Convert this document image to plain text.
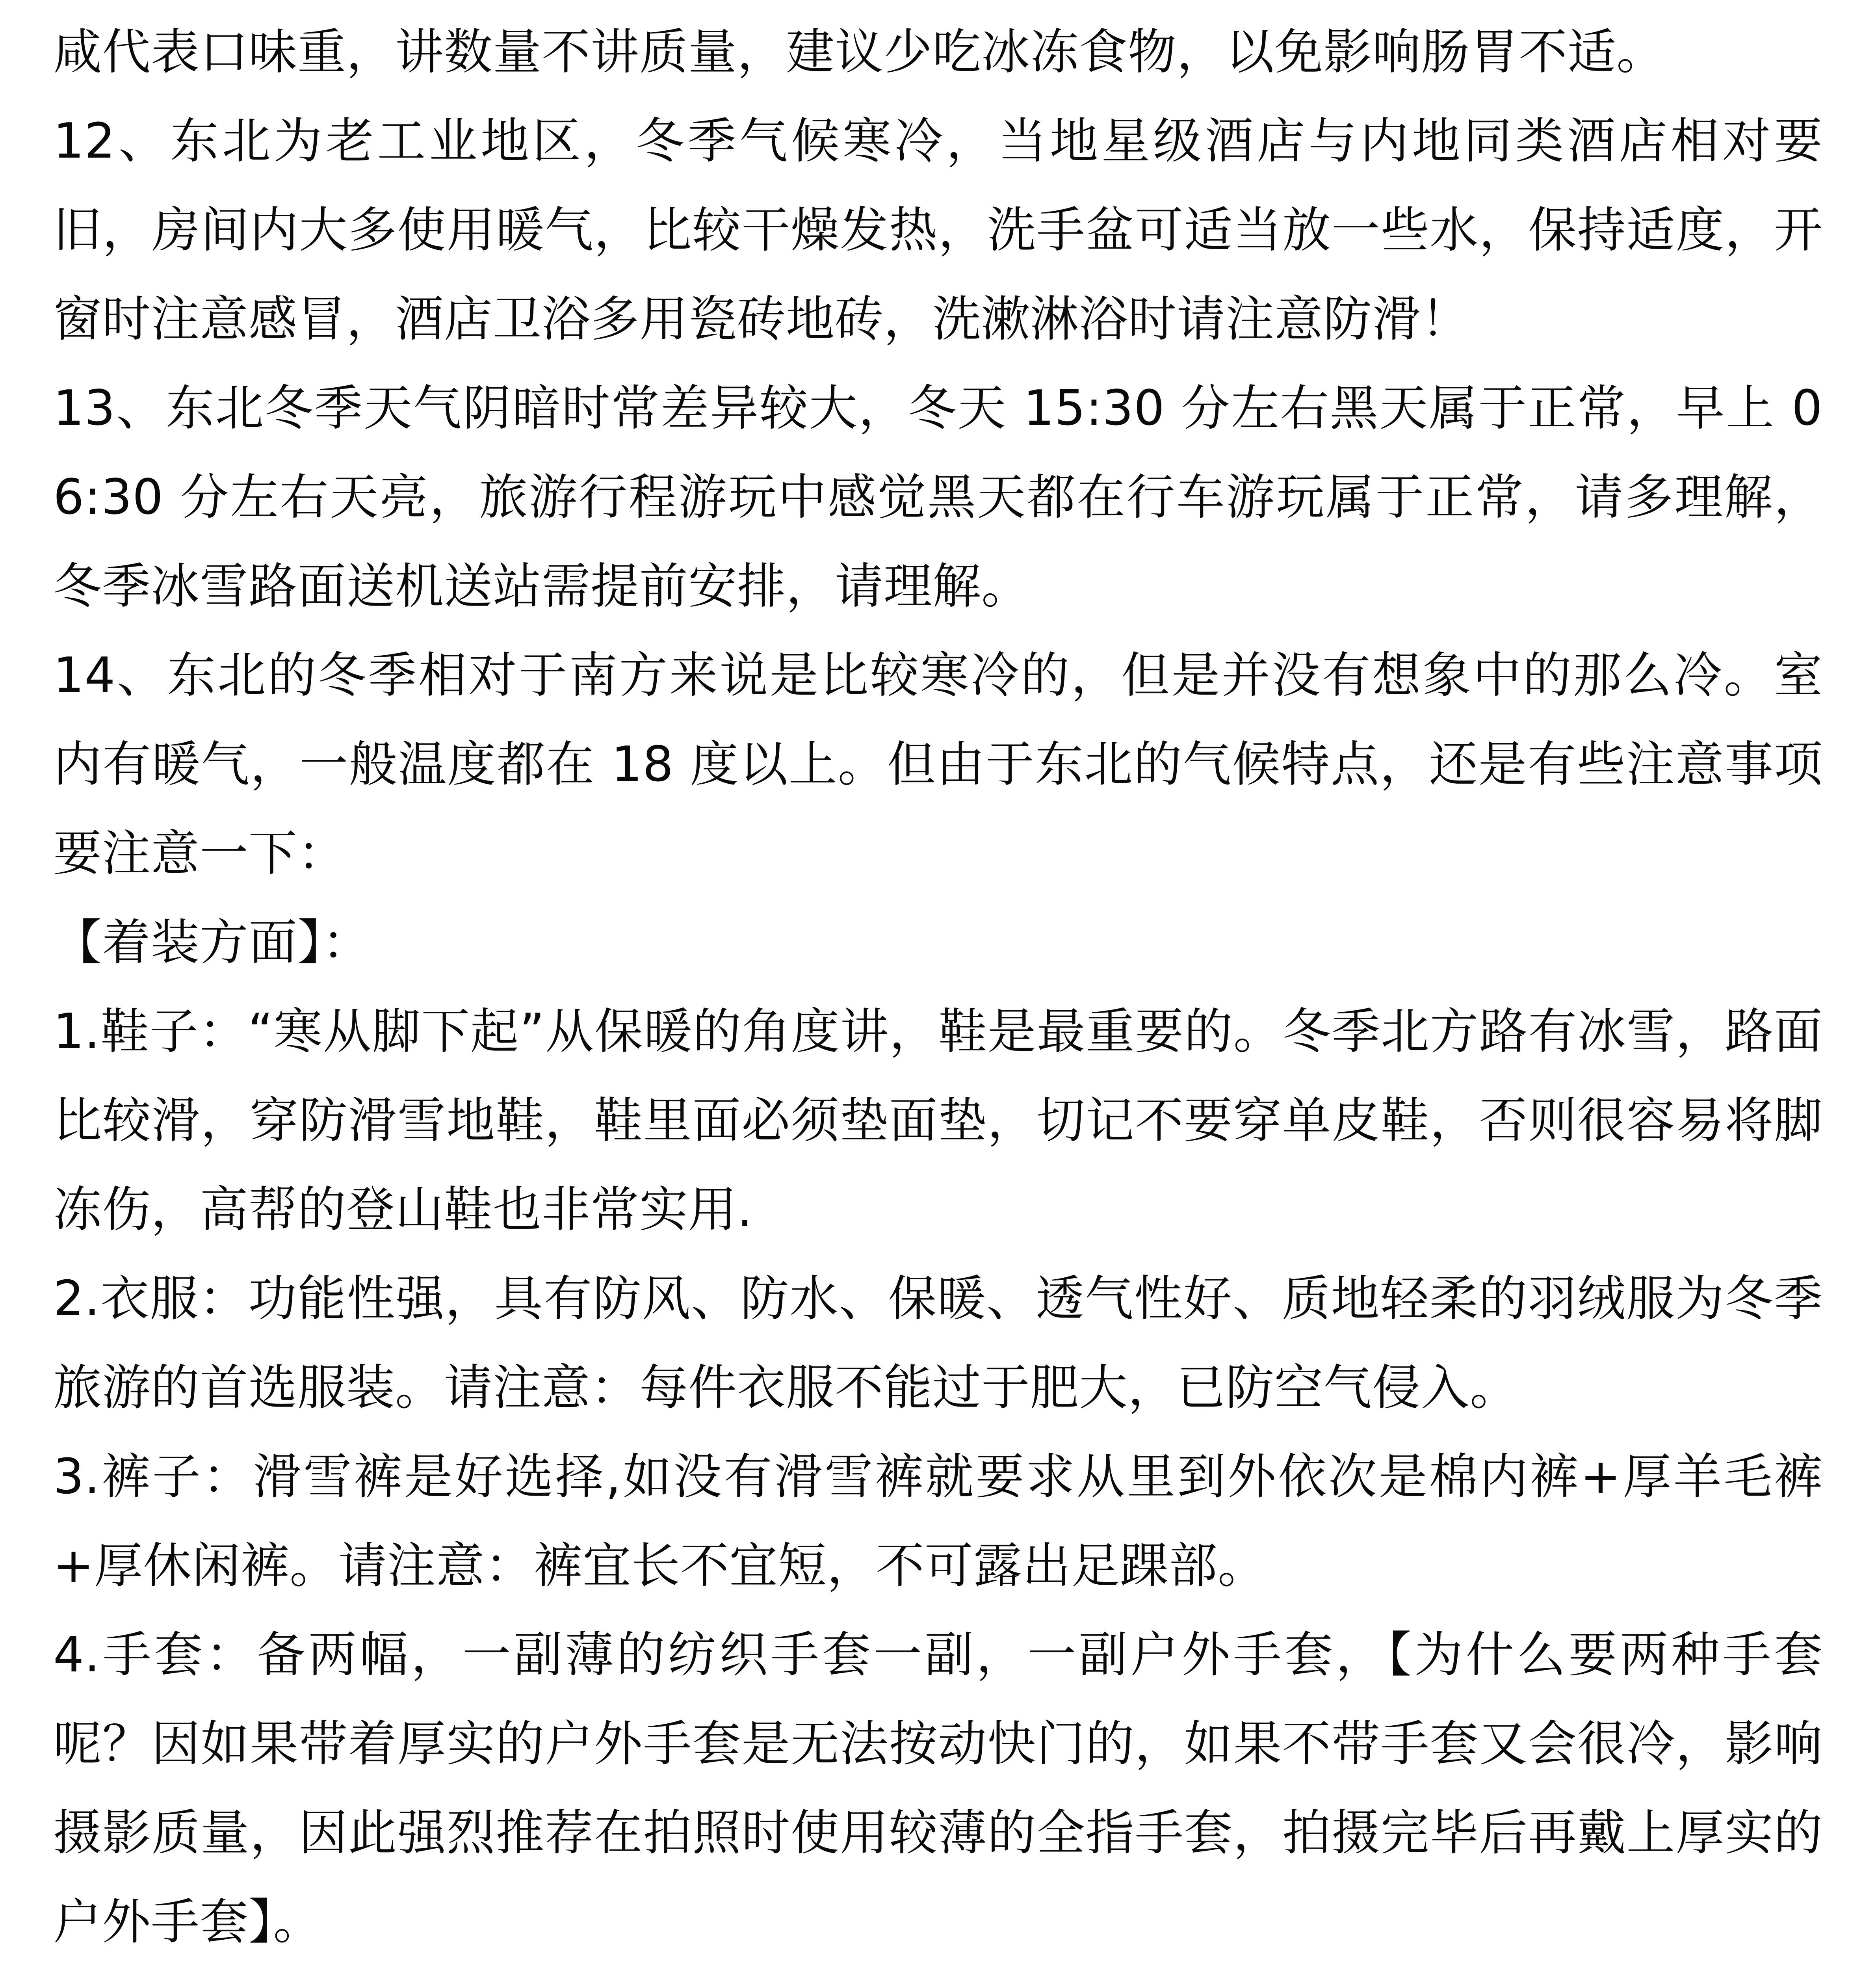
咸代表口味重，讲数量不讲质量，建议少吃冰冻食物，以免影响肠胃不适。

12、东北为老工业地区，冬季气候寒冷，当地星级酒店与内地同类酒店相对要旧，房间内大多使用暖气，比较干燥发热，洗手盆可适当放一些水，保持适度，开窗时注意感冒，酒店卫浴多用瓷砖地砖，洗漱淋浴时请注意防滑！

13、东北冬季天气阴暗时常差异较大，冬天 15:30 分左右黑天属于正常，早上 06:30 分左右天亮，旅游行程游玩中感觉黑天都在行车游玩属于正常，请多理解，冬季冰雪路面送机送站需提前安排，请理解。

14、东北的冬季相对于南方来说是比较寒冷的，但是并没有想象中的那么冷。室内有暖气，一般温度都在 18 度以上。但由于东北的气候特点，还是有些注意事项要注意一下：

【着装方面】：

1.鞋子：“寒从脚下起”从保暖的角度讲，鞋是最重要的。冬季北方路有冰雪，路面比较滑，穿防滑雪地鞋，鞋里面必须垫面垫，切记不要穿单皮鞋，否则很容易将脚冻伤，高帮的登山鞋也非常实用.

2.衣服：功能性强，具有防风、防水、保暖、透气性好、质地轻柔的羽绒服为冬季旅游的首选服装。请注意：每件衣服不能过于肥大，已防空气侵入。

3.裤子：滑雪裤是好选择,如没有滑雪裤就要求从里到外依次是棉内裤+厚羊毛裤+厚休闲裤。请注意：裤宜长不宜短，不可露出足踝部。

4.手套：备两幅，一副薄的纺织手套一副，一副户外手套，【为什么要两种手套呢？因如果带着厚实的户外手套是无法按动快门的，如果不带手套又会很冷，影响摄影质量，因此强烈推荐在拍照时使用较薄的全指手套，拍摄完毕后再戴上厚实的户外手套】。
